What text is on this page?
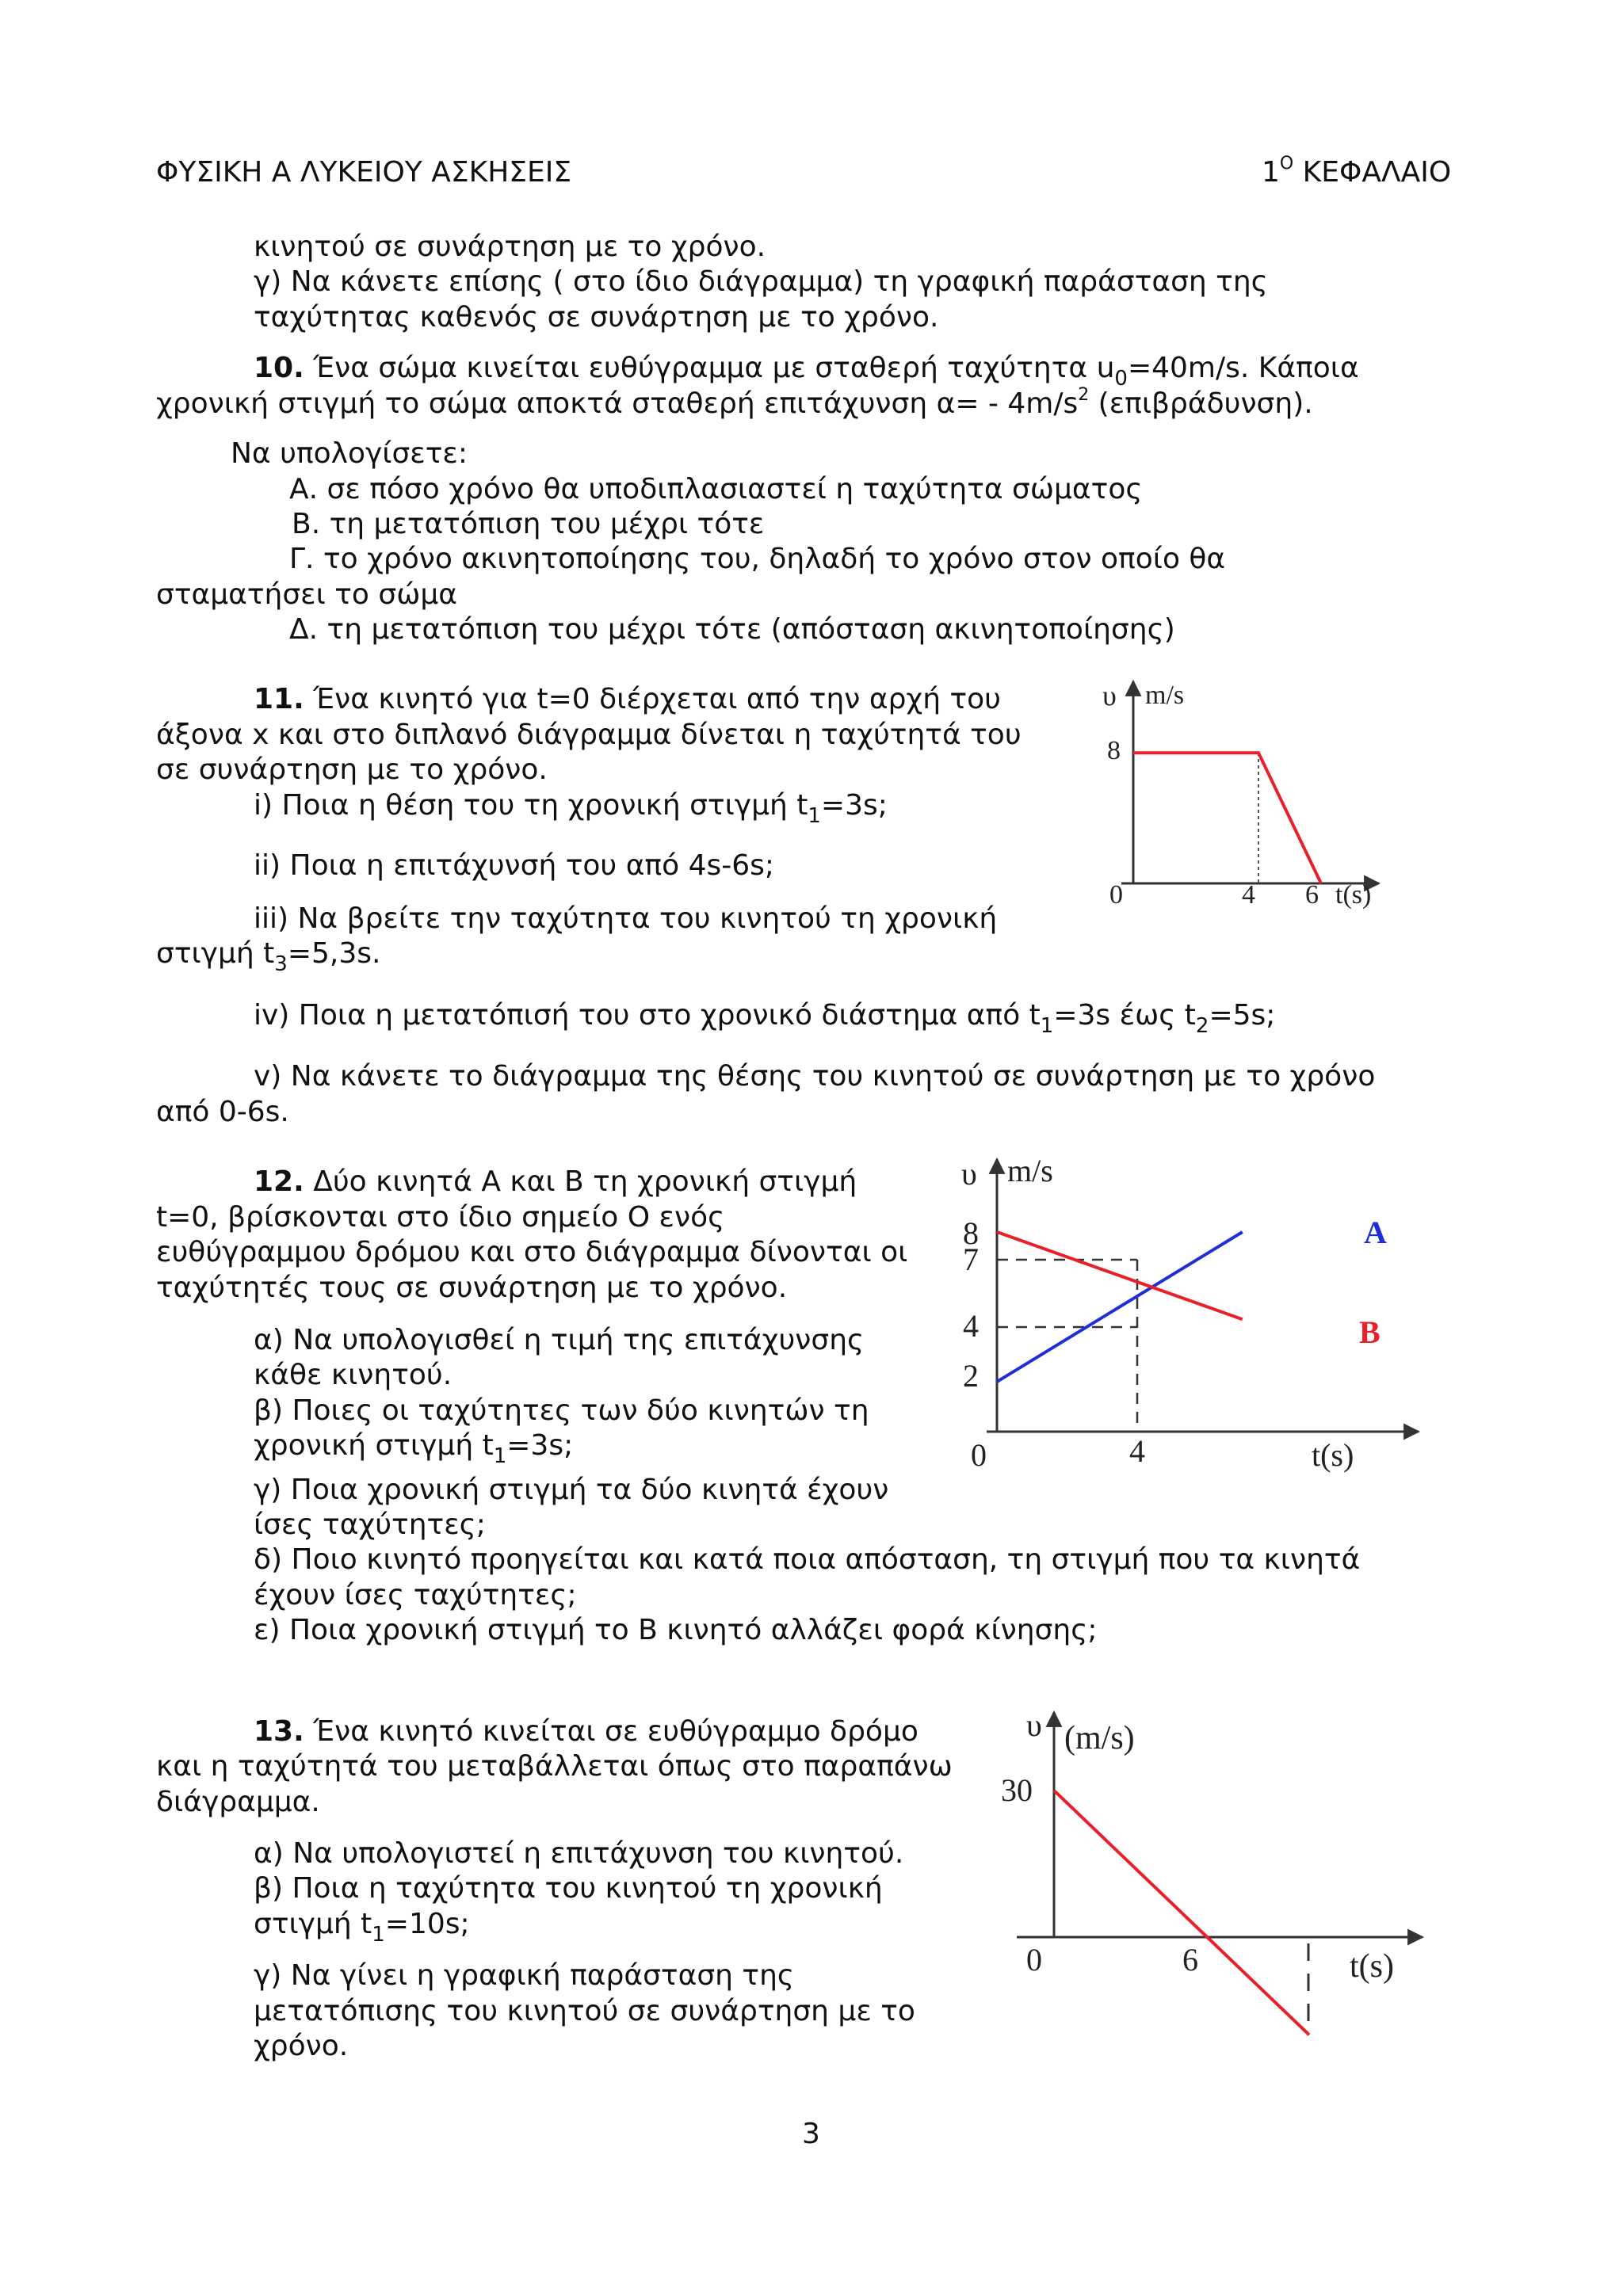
ΦΥΣΙΚΗ Α ΛΥΚΕΙΟΥ ΑΣΚΗΣΕΙΣ	$1^O$ ΚΕΦΑΛΑΙΟ
κινητού σε συνάρτηση με το χρόνο.
γ) Να κάνετε επίσης ( στο ίδιο διάγραμμα) τη γραφική παράσταση της
ταχύτητας καθενός σε συνάρτηση με το χρόνο.
10. Ένα σώμα κινείται ευθύγραμμα με σταθερή ταχύτητα $u_0=40m/s$. Κάποια
χρονική στιγμή το σώμα αποκτά σταθερή επιτάχυνση $\alpha= - 4m/s^2$ (επιβράδυνση).
Να υπολογίσετε:
Α. σε πόσο χρόνο θα υποδιπλασιαστεί η ταχύτητα σώματος
Β. τη μετατόπιση του μέχρι τότε
Γ. το χρόνο ακινητοποίησης του, δηλαδή το χρόνο στον οποίο θα
σταματήσει το σώμα
Δ. τη μετατόπιση του μέχρι τότε (απόσταση ακινητοποίησης)
11. Ένα κινητό για t=0 διέρχεται από την αρχή του
άξονα x και στο διπλανό διάγραμμα δίνεται η ταχύτητά του
σε συνάρτηση με το χρόνο.
i) Ποια η θέση του τη χρονική στιγμή $t_1=3s$;
ii) Ποια η επιτάχυνσή του από 4s-6s;
iii) Να βρείτε την ταχύτητα του κινητού τη χρονική
στιγμή $t_3=5,3s$.
iv) Ποια η μετατόπισή του στο χρονικό διάστημα από $t_1=3s$ έως $t_2=5s$;
v) Να κάνετε το διάγραμμα της θέσης του κινητού σε συνάρτηση με το χρόνο
από 0-6s.
12. Δύο κινητά Α και Β τη χρονική στιγμή
t=0, βρίσκονται στο ίδιο σημείο Ο ενός
ευθύγραμμου δρόμου και στο διάγραμμα δίνονται οι
ταχύτητές τους σε συνάρτηση με το χρόνο.
α) Να υπολογισθεί η τιμή της επιτάχυνσης
κάθε κινητού.
β) Ποιες οι ταχύτητες των δύο κινητών τη
χρονική στιγμή $t_1=3s$;
γ) Ποια χρονική στιγμή τα δύο κινητά έχουν
ίσες ταχύτητες;
δ) Ποιο κινητό προηγείται και κατά ποια απόσταση, τη στιγμή που τα κινητά
έχουν ίσες ταχύτητες;
ε) Ποια χρονική στιγμή το Β κινητό αλλάζει φορά κίνησης;
13. Ένα κινητό κινείται σε ευθύγραμμο δρόμο
και η ταχύτητά του μεταβάλλεται όπως στο παραπάνω
διάγραμμα.
α) Να υπολογιστεί η επιτάχυνση του κινητού.
β) Ποια η ταχύτητα του κινητού τη χρονική
στιγμή $t_1=10s$;
γ) Να γίνει η γραφική παράσταση της
μετατόπισης του κινητού σε συνάρτηση με το
χρόνο.
3
υ m/s
0	t(s)
4 6
8
υ m/s
0	t(s)
4
8
7
4
2
A
B
υ (m/s)
0	t(s)
6
30
